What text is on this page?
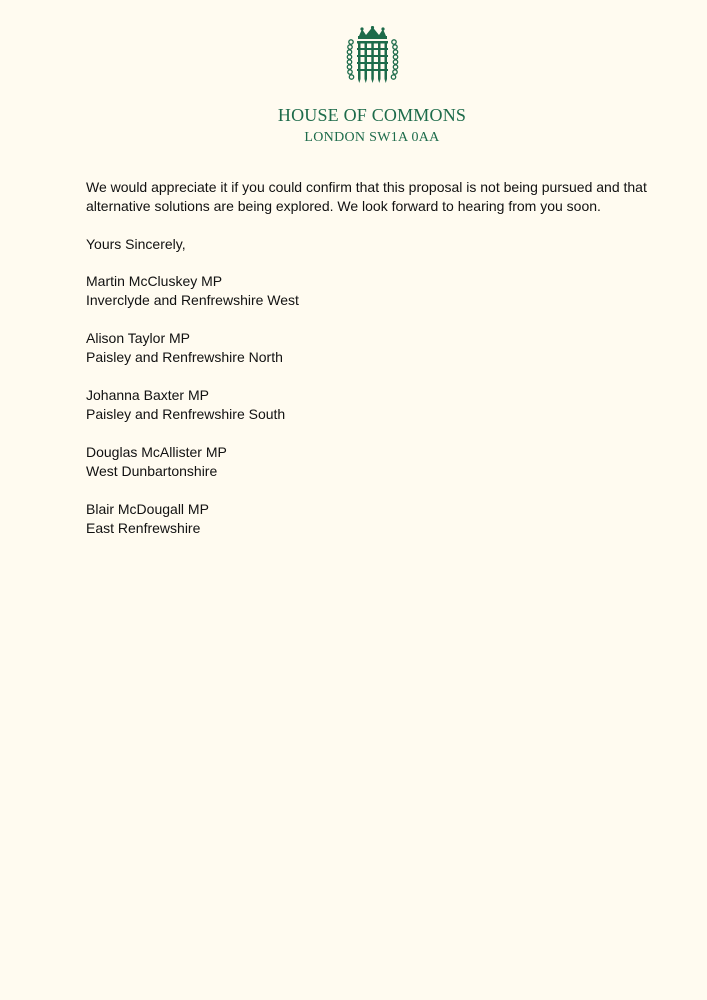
HOUSE OF COMMONS
LONDON SW1A 0AA

We would appreciate it if you could confirm that this proposal is not being pursued and that alternative solutions are being explored. We look forward to hearing from you soon.

Yours Sincerely,

Martin McCluskey MP
Inverclyde and Renfrewshire West
Alison Taylor MP
Paisley and Renfrewshire North
Johanna Baxter MP
Paisley and Renfrewshire South
Douglas McAllister MP
West Dunbartonshire
Blair McDougall MP
East Renfrewshire
